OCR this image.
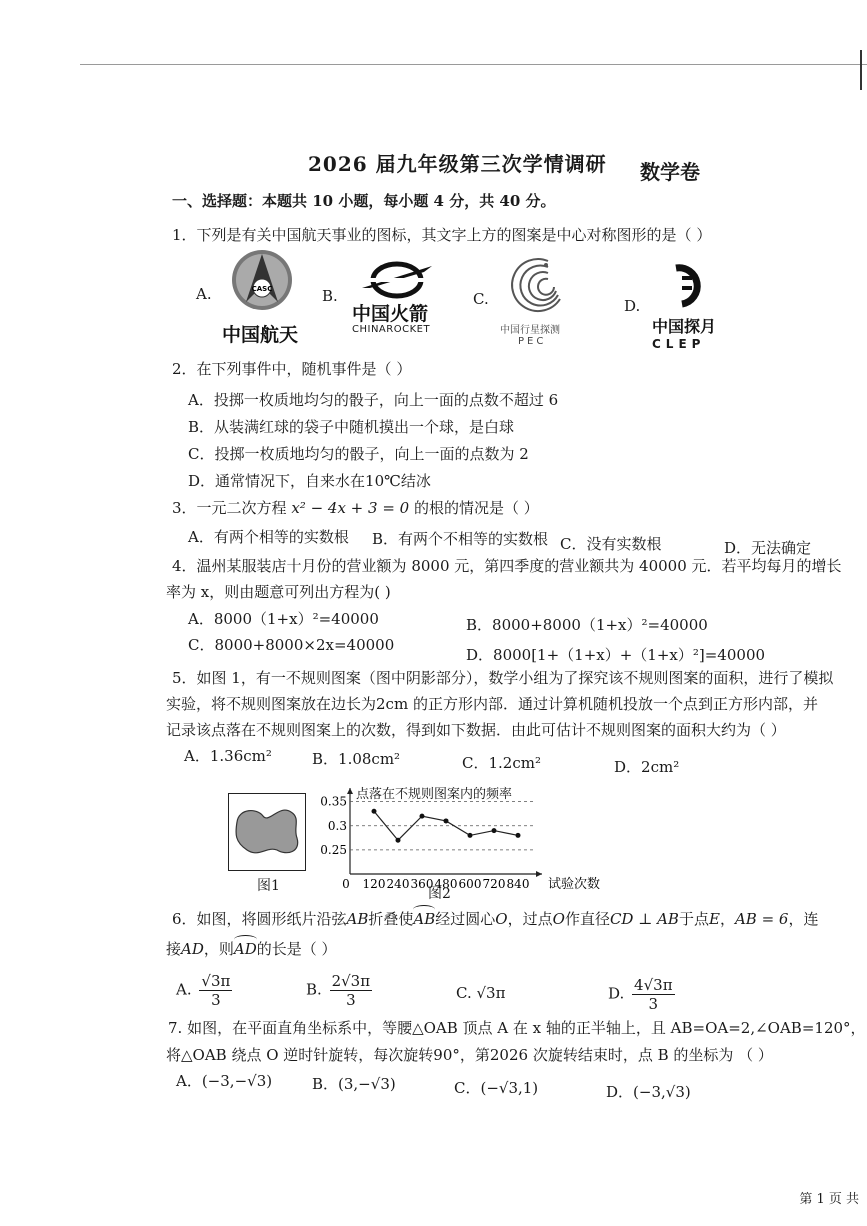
2026 届九年级第三次学情调研 数学卷
一、选择题：本题共 10 小题，每小题 4 分，共 40 分。
1．下列是有关中国航天事业的图标，其文字上方的图案是中心对称图形的是（ ）
A.	CASC
中国航天
B.
中国火箭
CHINAROCKET
C.
中国行星探测
PEC
D.
中国探月
CLEP
2．在下列事件中，随机事件是（ ）
A．投掷一枚质地均匀的骰子，向上一面的点数不超过 6
B．从装满红球的袋子中随机摸出一个球，是白球
C．投掷一枚质地均匀的骰子，向上一面的点数为 2
D．通常情况下，自来水在10℃结冰
3．一元二次方程 x² − 4x + 3 = 0 的根的情况是（ ）
A．有两个相等的实数根 B．有两个不相等的实数根 C．没有实数根	D．无法确定
4．温州某服装店十月份的营业额为 8000 元，第四季度的营业额共为 40000 元．若平均每月的增长
率为 x，则由题意可列出方程为( )
A．8000（1+x）²=40000	B．8000+8000（1+x）²=40000
C．8000+8000×2x=40000
D．8000[1+（1+x）+（1+x）²]=40000
5．如图 1，有一不规则图案（图中阴影部分），数学小组为了探究该不规则图案的面积，进行了模拟
实验，将不规则图案放在边长为2cm 的正方形内部．通过计算机随机投放一个点到正方形内部，并
记录该点落在不规则图案上的次数，得到如下数据．由此可估计不规则图案的面积大约为（ ）
A．1.36cm²	B．1.08cm²	C．1.2cm²	D．2cm²
图1
点落在不规则图案内的频率
0.35
0.3
0.25
0 120 240 360 480 600 720 840 试验次数
图2
6．如图，将圆形纸片沿弦AB折叠使AB经过圆心O，过点O作直径CD ⊥ AB于点E，AB = 6，连
接AD，则AD的长是（ ）
A. $\frac{√3\pi}{3}$	B. $\frac{2√3\pi}{3}$	C. √3π	D. $\frac{4√3\pi}{3}$
7. 如图，在平面直角坐标系中，等腰△OAB 顶点 A 在 x 轴的正半轴上，且 AB=OA=2,∠OAB=120°，
将△OAB 绕点 O 逆时针旋转，每次旋转90°，第2026 次旋转结束时，点 B 的坐标为 （ ）
A．(−3,−√3)	B．(3,−√3)	C．(−√3,1)	D．(−3,√3)
第 1 页 共
